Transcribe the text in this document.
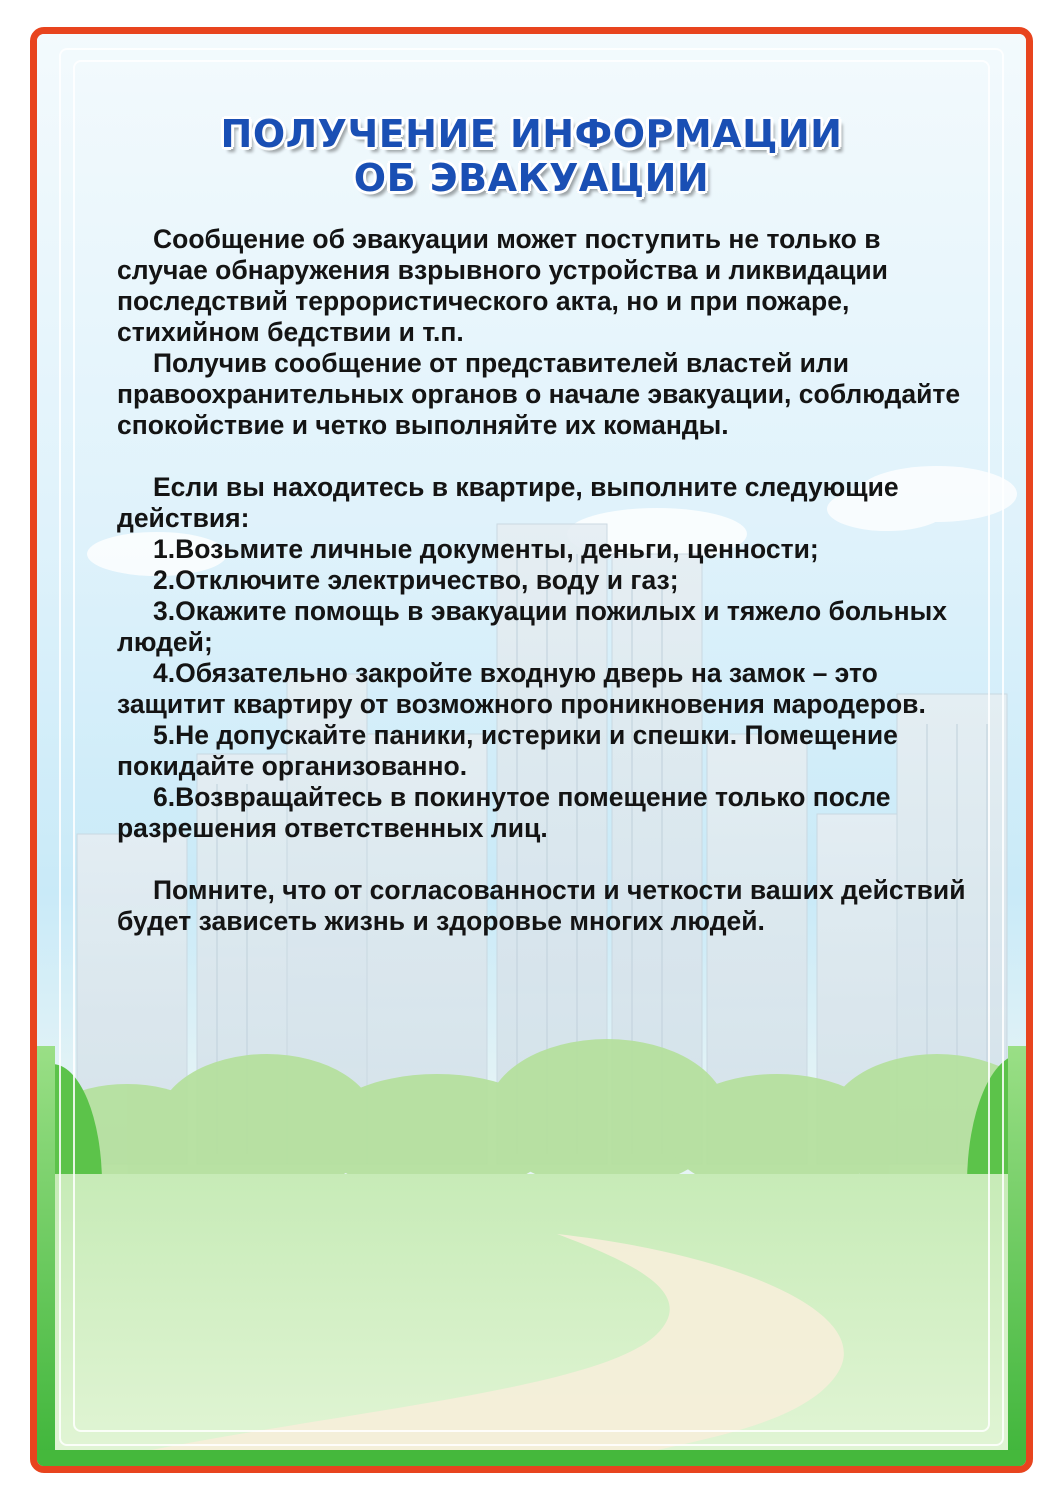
ПОЛУЧЕНИЕ ИНФОРМАЦИИ
ОБ ЭВАКУАЦИИ

Сообщение об эвакуации может поступить не только в случае обнаружения взрывного устройства и ликвидации последствий террористического акта, но и при пожаре, стихийном бедствии и т.п.

Получив сообщение от представителей властей или правоохранительных органов о начале эвакуации, соблюдайте спокойствие и четко выполняйте их команды.

Если вы находитесь в квартире, выполните следующие действия:

1.Возьмите личные документы, деньги, ценности;

2.Отключите электричество, воду и газ;

3.Окажите помощь в эвакуации пожилых и тяжело больных людей;

4.Обязательно закройте входную дверь на замок – это защитит квартиру от возможного проникновения мародеров.

5.Не допускайте паники, истерики и спешки. Помещение покидайте организованно.

6.Возвращайтесь в покинутое помещение только после разрешения ответственных лиц.

Помните, что от согласованности и четкости ваших действий будет зависеть жизнь и здоровье многих людей.
